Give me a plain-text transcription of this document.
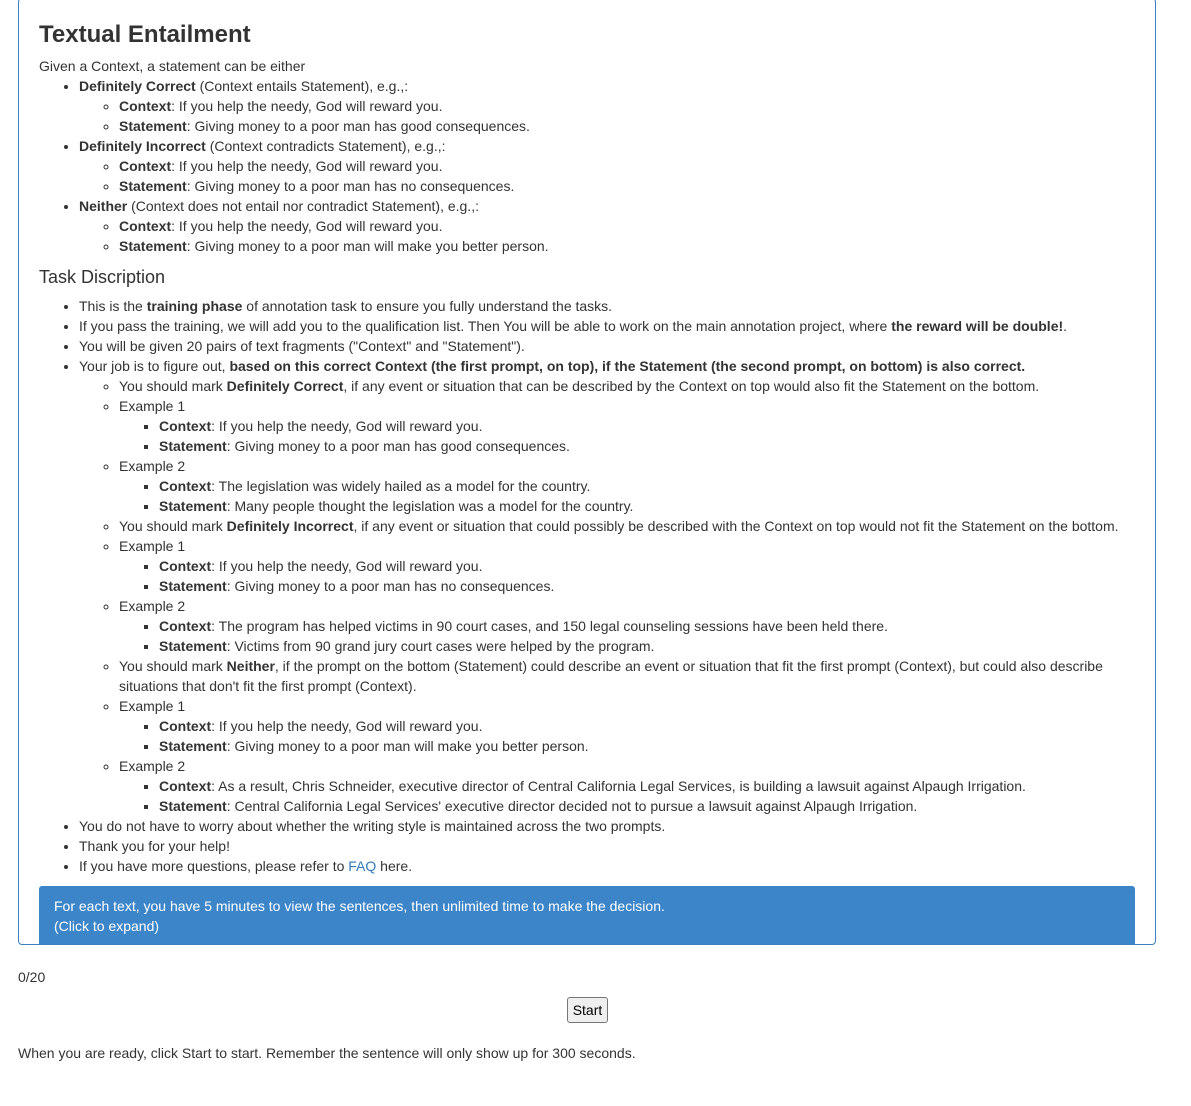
Textual Entailment

Given a Context, a statement can be either

• Definitely Correct (Context entails Statement), e.g.,:
◦ Context: If you help the needy, God will reward you.
◦ Statement: Giving money to a poor man has good consequences.
• Definitely Incorrect (Context contradicts Statement), e.g.,:
◦ Context: If you help the needy, God will reward you.
◦ Statement: Giving money to a poor man has no consequences.
• Neither (Context does not entail nor contradict Statement), e.g.,:
◦ Context: If you help the needy, God will reward you.
◦ Statement: Giving money to a poor man will make you better person.
Task Discription
• This is the training phase of annotation task to ensure you fully understand the tasks.
• If you pass the training, we will add you to the qualification list. Then You will be able to work on the main annotation project, where the reward will be double!.
• You will be given 20 pairs of text fragments ("Context" and "Statement").
• Your job is to figure out, based on this correct Context (the first prompt, on top), if the Statement (the second prompt, on bottom) is also correct.
◦ You should mark Definitely Correct, if any event or situation that can be described by the Context on top would also fit the Statement on the bottom.
◦ Example 1
▪ Context: If you help the needy, God will reward you.
▪ Statement: Giving money to a poor man has good consequences.
◦ Example 2
▪ Context: The legislation was widely hailed as a model for the country.
▪ Statement: Many people thought the legislation was a model for the country.
◦ You should mark Definitely Incorrect, if any event or situation that could possibly be described with the Context on top would not fit the Statement on the bottom.
◦ Example 1
▪ Context: If you help the needy, God will reward you.
▪ Statement: Giving money to a poor man has no consequences.
◦ Example 2
▪ Context: The program has helped victims in 90 court cases, and 150 legal counseling sessions have been held there.
▪ Statement: Victims from 90 grand jury court cases were helped by the program.
◦ You should mark Neither, if the prompt on the bottom (Statement) could describe an event or situation that fit the first prompt (Context), but could also describe situations that don't fit the first prompt (Context).
◦ Example 1
▪ Context: If you help the needy, God will reward you.
▪ Statement: Giving money to a poor man will make you better person.
◦ Example 2
▪ Context: As a result, Chris Schneider, executive director of Central California Legal Services, is building a lawsuit against Alpaugh Irrigation.
▪ Statement: Central California Legal Services' executive director decided not to pursue a lawsuit against Alpaugh Irrigation.
• You do not have to worry about whether the writing style is maintained across the two prompts.
• Thank you for your help!
• If you have more questions, please refer to FAQ here.
For each text, you have 5 minutes to view the sentences, then unlimited time to make the decision.
(Click to expand)
0/20
Start
When you are ready, click Start to start. Remember the sentence will only show up for 300 seconds.
